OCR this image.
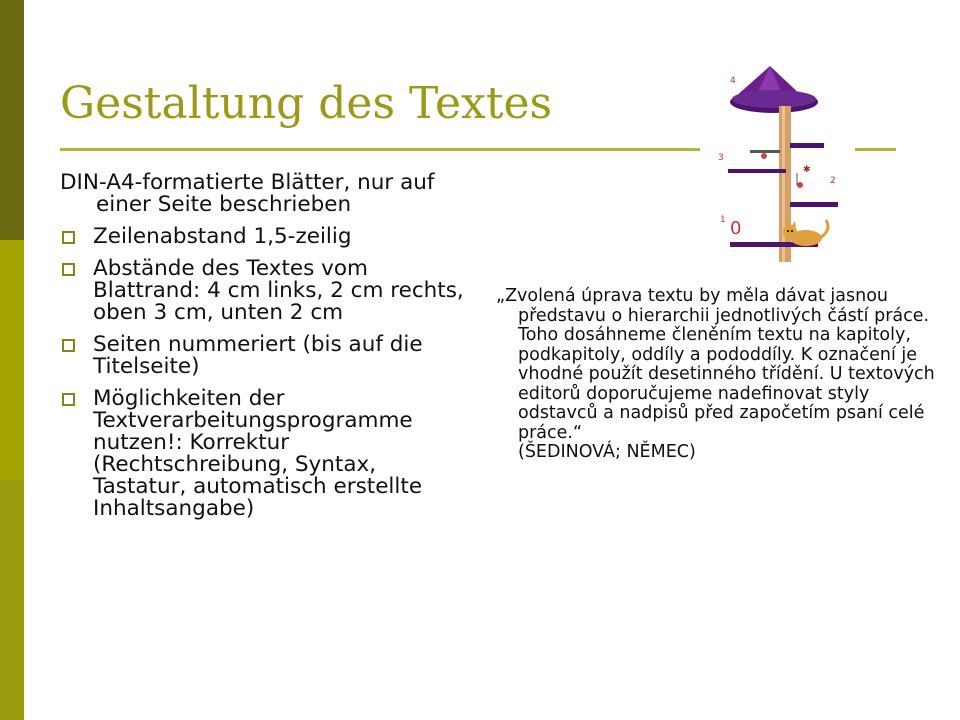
Gestaltung des Textes
✱
4
3
2
1 0

DIN-A4-formatierte Blätter, nur auf einer Seite beschrieben

Zeilenabstand 1,5-zeilig
Abstände des Textes vom Blattrand: 4 cm links, 2 cm rechts, oben 3 cm, unten 2 cm
Seiten nummeriert (bis auf die Titelseite)
Möglichkeiten der Textverarbeitungsprogramme nutzen!: Korrektur (Rechtschreibung, Syntax, Tastatur, automatisch erstellte Inhaltsangabe)

„Zvolená úprava textu by měla dávat jasnou představu o hierarchii jednotlivých částí práce. Toho dosáhneme členěním textu na kapitoly, podkapitoly, oddíly a pododdíly. K označení je vhodné použít desetinného třídění. U textových editorů doporučujeme nadefinovat styly odstavců a nadpisů před započetím psaní celé práce.“
(ŠEDINOVÁ; NĚMEC)
